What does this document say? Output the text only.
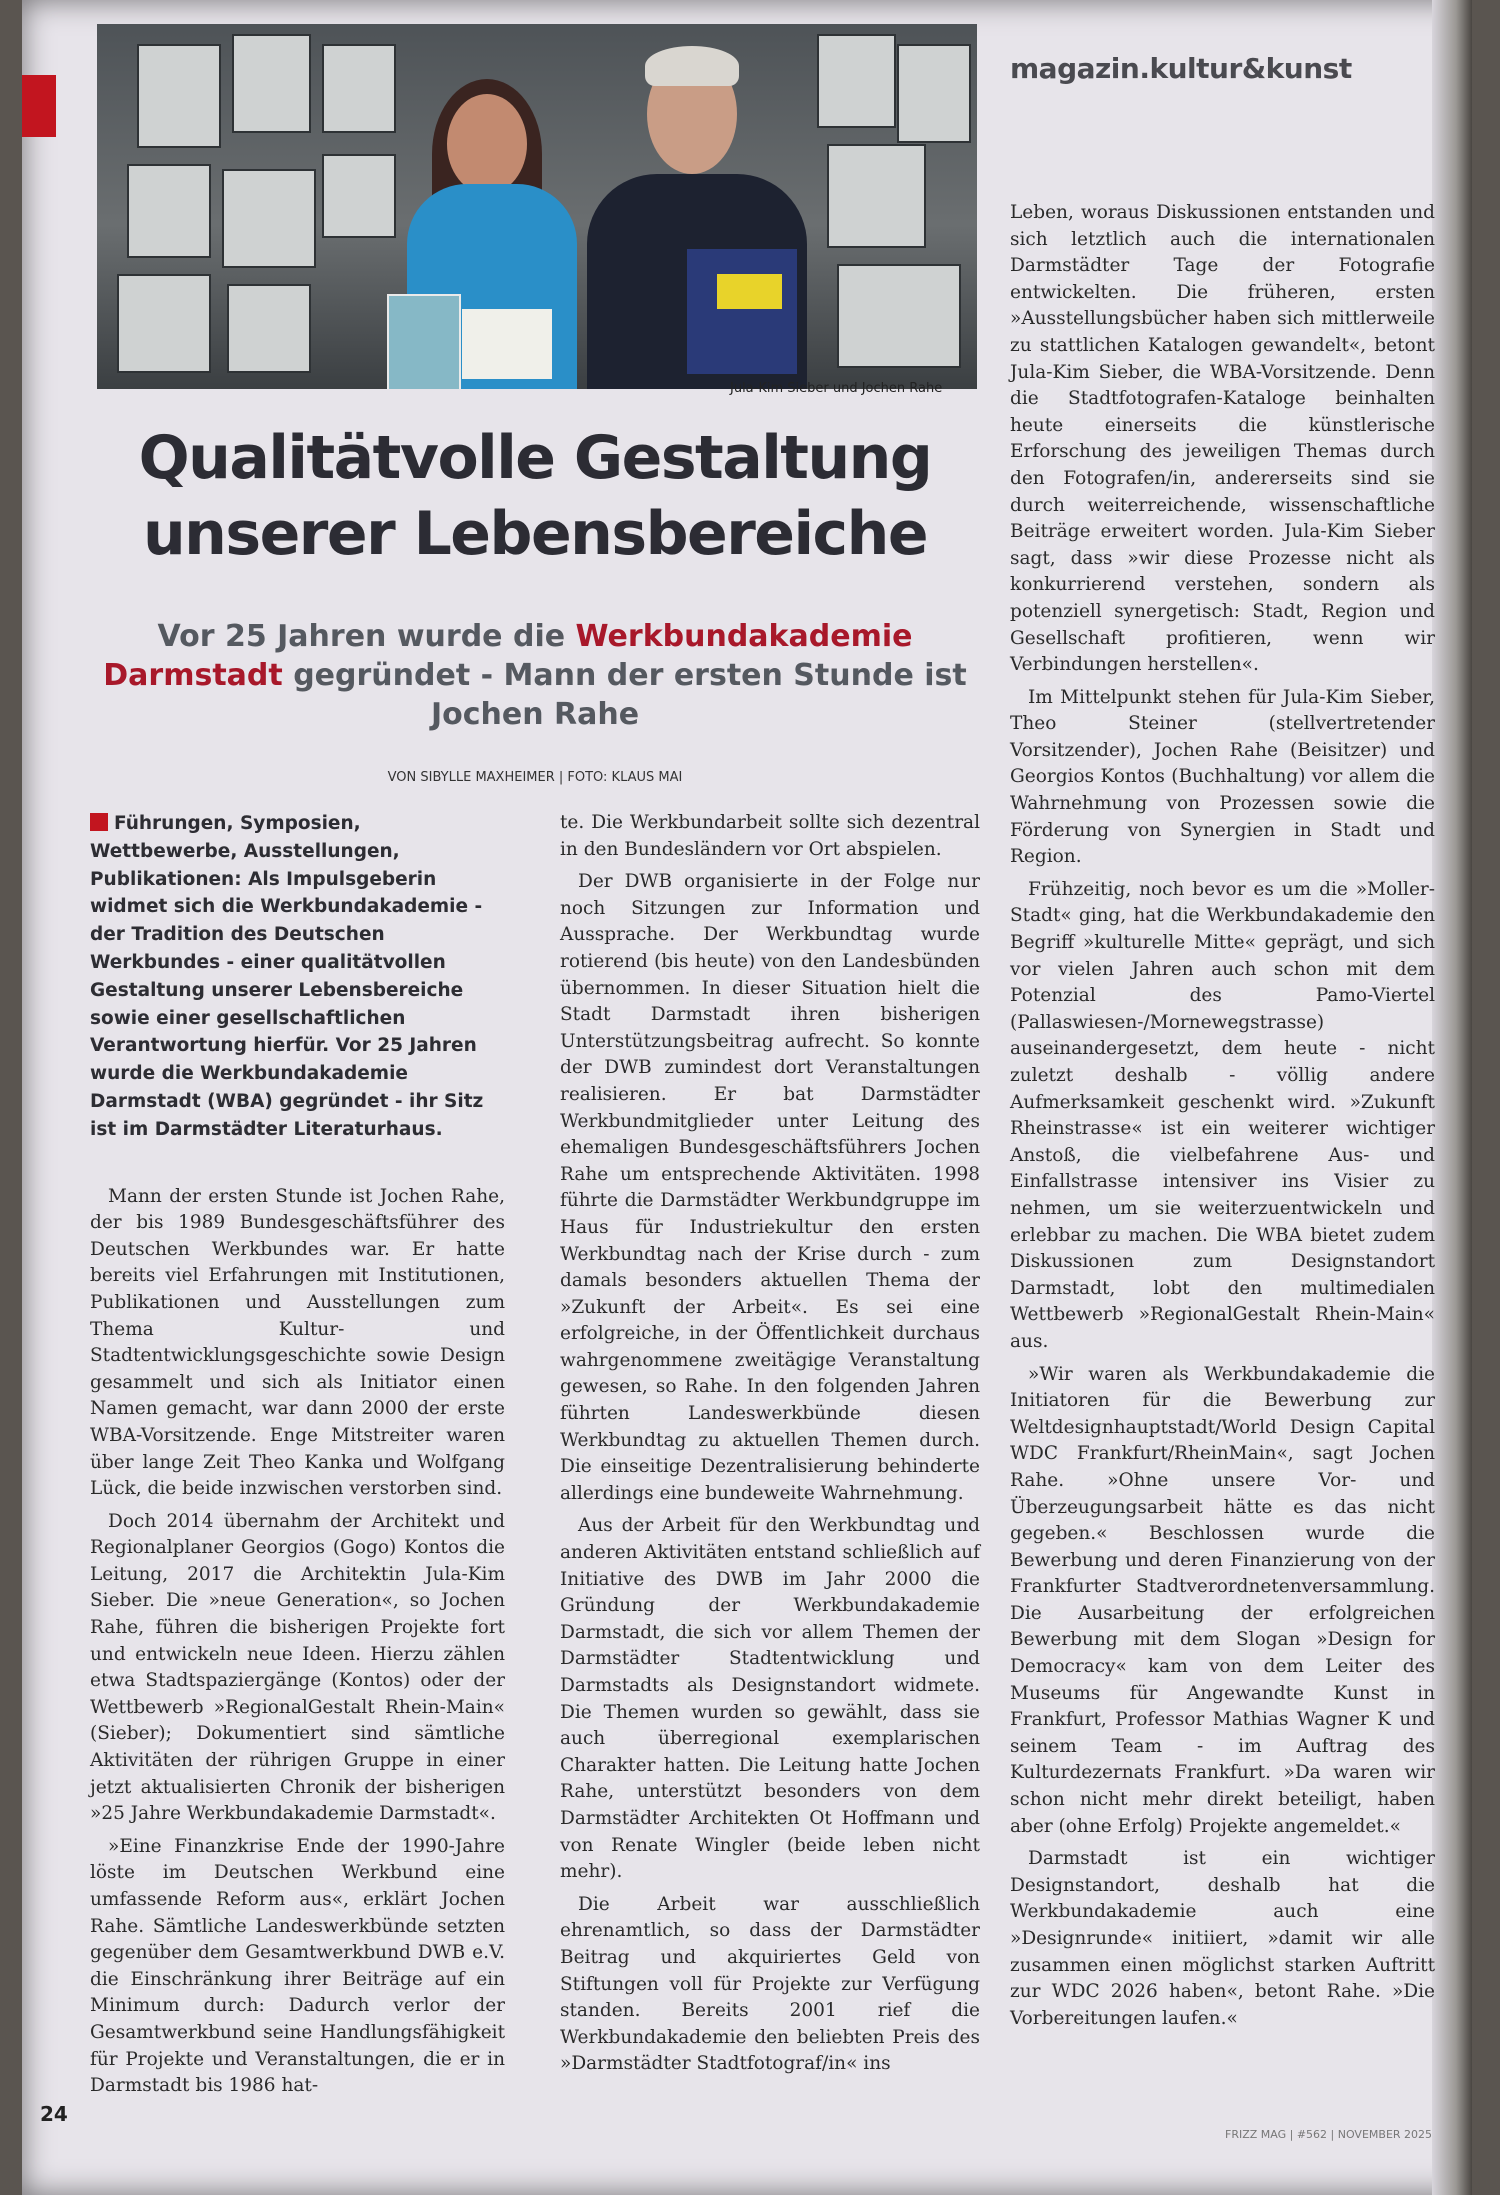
Jula-Kim Sieber und Jochen Rahe
magazin.kultur&kunst
Qualitätvolle Gestaltung
unserer Lebensbereiche
Vor 25 Jahren wurde die Werkbundakademie Darmstadt gegründet - Mann der ersten Stunde ist Jochen Rahe
VON SIBYLLE MAXHEIMER | FOTO: KLAUS MAI
Führungen, Symposien, Wettbewerbe, Ausstellungen, Publikationen: Als Impulsgeberin widmet sich die Werkbundakademie - der Tradition des Deutschen Werkbundes - einer qualitätvollen Gestaltung unserer Lebensbereiche sowie einer gesellschaftlichen Verantwortung hierfür. Vor 25 Jahren wurde die Werkbundakademie Darmstadt (WBA) gegründet - ihr Sitz ist im Darmstädter Literaturhaus.

Mann der ersten Stunde ist Jochen Rahe, der bis 1989 Bundesgeschäftsführer des Deutschen Werkbundes war. Er hatte bereits viel Erfahrungen mit Institutionen, Publikationen und Ausstellungen zum Thema Kultur- und Stadtentwicklungsgeschichte sowie Design gesammelt und sich als Initiator einen Namen gemacht, war dann 2000 der erste WBA-Vorsitzende. Enge Mitstreiter waren über lange Zeit Theo Kanka und Wolfgang Lück, die beide inzwischen verstorben sind.

Doch 2014 übernahm der Architekt und Regionalplaner Georgios (Gogo) Kontos die Leitung, 2017 die Architektin Jula-Kim Sieber. Die »neue Generation«, so Jochen Rahe, führen die bisherigen Projekte fort und entwickeln neue Ideen. Hierzu zählen etwa Stadtspaziergänge (Kontos) oder der Wettbewerb »RegionalGestalt Rhein-Main« (Sieber); Dokumentiert sind sämtliche Aktivitäten der rührigen Gruppe in einer jetzt aktualisierten Chronik der bisherigen »25 Jahre Werkbundakademie Darmstadt«.

»Eine Finanzkrise Ende der 1990-Jahre löste im Deutschen Werkbund eine umfassende Reform aus«, erklärt Jochen Rahe. Sämtliche Landeswerkbünde setzten gegenüber dem Gesamtwerkbund DWB e.V. die Einschränkung ihrer Beiträge auf ein Minimum durch: Dadurch verlor der Gesamtwerkbund seine Handlungsfähigkeit für Projekte und Veranstaltungen, die er in Darmstadt bis 1986 hat-

te. Die Werkbundarbeit sollte sich dezentral in den Bundesländern vor Ort abspielen.

Der DWB organisierte in der Folge nur noch Sitzungen zur Information und Aussprache. Der Werkbundtag wurde rotierend (bis heute) von den Landesbünden übernommen. In dieser Situation hielt die Stadt Darmstadt ihren bisherigen Unterstützungsbeitrag aufrecht. So konnte der DWB zumindest dort Veranstaltungen realisieren. Er bat Darmstädter Werkbundmitglieder unter Leitung des ehemaligen Bundesgeschäftsführers Jochen Rahe um entsprechende Aktivitäten. 1998 führte die Darmstädter Werkbundgruppe im Haus für Industriekultur den ersten Werkbundtag nach der Krise durch - zum damals besonders aktuellen Thema der »Zukunft der Arbeit«. Es sei eine erfolgreiche, in der Öffentlichkeit durchaus wahrgenommene zweitägige Veranstaltung gewesen, so Rahe. In den folgenden Jahren führten Landeswerkbünde diesen Werkbundtag zu aktuellen Themen durch. Die einseitige Dezentralisierung behinderte allerdings eine bundeweite Wahrnehmung.

Aus der Arbeit für den Werkbundtag und anderen Aktivitäten entstand schließlich auf Initiative des DWB im Jahr 2000 die Gründung der Werkbundakademie Darmstadt, die sich vor allem Themen der Darmstädter Stadtentwicklung und Darmstadts als Designstandort widmete. Die Themen wurden so gewählt, dass sie auch überregional exemplarischen Charakter hatten. Die Leitung hatte Jochen Rahe, unterstützt besonders von dem Darmstädter Architekten Ot Hoffmann und von Renate Wingler (beide leben nicht mehr).

Die Arbeit war ausschließlich ehrenamtlich, so dass der Darmstädter Beitrag und akquiriertes Geld von Stiftungen voll für Projekte zur Verfügung standen. Bereits 2001 rief die Werkbundakademie den beliebten Preis des »Darmstädter Stadtfotograf/in« ins

Leben, woraus Diskussionen entstanden und sich letztlich auch die internationalen Darmstädter Tage der Fotografie entwickelten. Die früheren, ersten »Ausstellungsbücher haben sich mittlerweile zu stattlichen Katalogen gewandelt«, betont Jula-Kim Sieber, die WBA-Vorsitzende. Denn die Stadtfotografen-Kataloge beinhalten heute einerseits die künstlerische Erforschung des jeweiligen Themas durch den Fotografen/in, andererseits sind sie durch weiterreichende, wissenschaftliche Beiträge erweitert worden. Jula-Kim Sieber sagt, dass »wir diese Prozesse nicht als konkurrierend verstehen, sondern als potenziell synergetisch: Stadt, Region und Gesellschaft profitieren, wenn wir Verbindungen herstellen«.

Im Mittelpunkt stehen für Jula-Kim Sieber, Theo Steiner (stellvertretender Vorsitzender), Jochen Rahe (Beisitzer) und Georgios Kontos (Buchhaltung) vor allem die Wahrnehmung von Prozessen sowie die Förderung von Synergien in Stadt und Region.

Frühzeitig, noch bevor es um die »Moller-Stadt« ging, hat die Werkbundakademie den Begriff »kulturelle Mitte« geprägt, und sich vor vielen Jahren auch schon mit dem Potenzial des Pamo-Viertel (Pallaswiesen-/Mornewegstrasse) auseinandergesetzt, dem heute - nicht zuletzt deshalb - völlig andere Aufmerksamkeit geschenkt wird. »Zukunft Rheinstrasse« ist ein weiterer wichtiger Anstoß, die vielbefahrene Aus- und Einfallstrasse intensiver ins Visier zu nehmen, um sie weiterzuentwickeln und erlebbar zu machen. Die WBA bietet zudem Diskussionen zum Designstandort Darmstadt, lobt den multimedialen Wettbewerb »RegionalGestalt Rhein-Main« aus.

»Wir waren als Werkbundakademie die Initiatoren für die Bewerbung zur Weltdesignhauptstadt/World Design Capital WDC Frankfurt/RheinMain«, sagt Jochen Rahe. »Ohne unsere Vor- und Überzeugungsarbeit hätte es das nicht gegeben.« Beschlossen wurde die Bewerbung und deren Finanzierung von der Frankfurter Stadtverordnetenversammlung. Die Ausarbeitung der erfolgreichen Bewerbung mit dem Slogan »Design for Democracy« kam von dem Leiter des Museums für Angewandte Kunst in Frankfurt, Professor Mathias Wagner K und seinem Team - im Auftrag des Kulturdezernats Frankfurt. »Da waren wir schon nicht mehr direkt beteiligt, haben aber (ohne Erfolg) Projekte angemeldet.«

Darmstadt ist ein wichtiger Designstandort, deshalb hat die Werkbundakademie auch eine »Designrunde« initiiert, »damit wir alle zusammen einen möglichst starken Auftritt zur WDC 2026 haben«, betont Rahe. »Die Vorbereitungen laufen.«

24
FRIZZ MAG | #562 | NOVEMBER 2025
